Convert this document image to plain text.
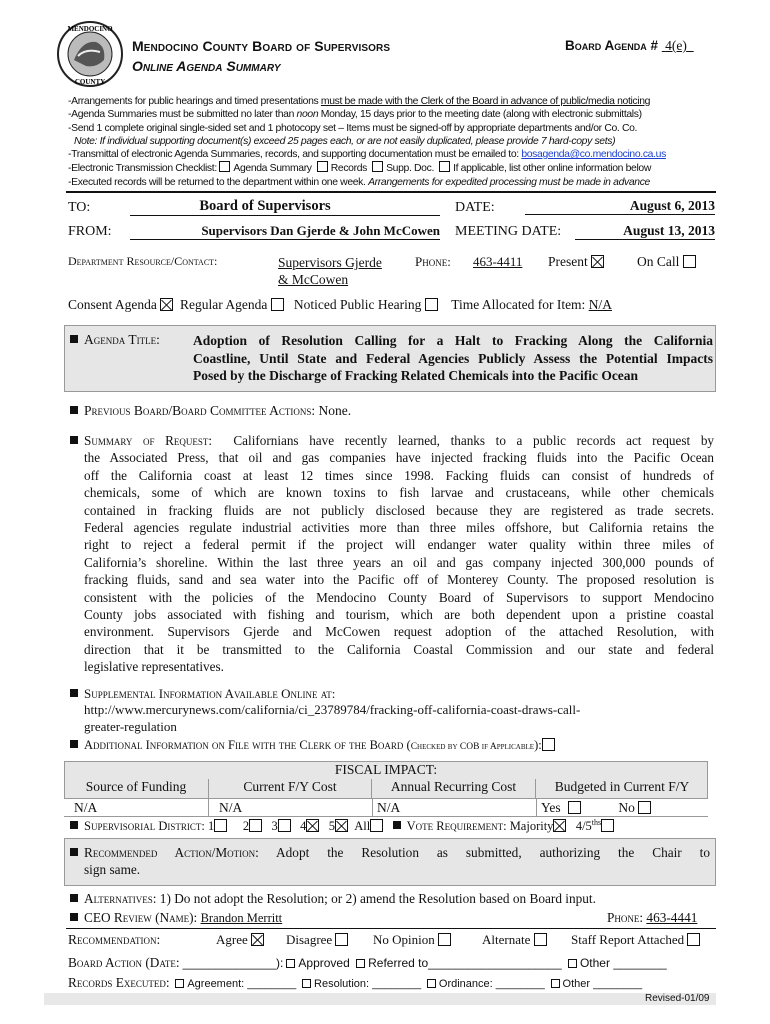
MENDOCINO
COUNTY
Mendocino County Board of Supervisors
Online Agenda Summary
Board Agenda # 4(e)
-Arrangements for public hearings and timed presentations must be made with the Clerk of the Board in advance of public/media noticing
-Agenda Summaries must be submitted no later than noon Monday, 15 days prior to the meeting date (along with electronic submittals)
-Send 1 complete original single-sided set and 1 photocopy set – Items must be signed-off by appropriate departments and/or Co. Co.
Note: If individual supporting document(s) exceed 25 pages each, or are not easily duplicated, please provide 7 hard-copy sets)
-Transmittal of electronic Agenda Summaries, records, and supporting documentation must be emailed to: bosagenda@co.mendocino.ca.us
-Electronic Transmission Checklist: Agenda Summary Records Supp. Doc. If applicable, list other online information below
-Executed records will be returned to the department within one week. Arrangements for expedited processing must be made in advance
TO:	Board of Supervisors	DATE:	August 6, 2013
FROM:	Supervisors Dan Gjerde & John McCowen MEETING DATE:	August 13, 2013
Department Resource/Contact:	Supervisors Gjerde
& McCowen
Phone: 463-4411 Present	On Call
Consent Agenda Regular Agenda Noticed Public Hearing Time Allocated for Item: N/A
Agenda Title: Adoption of Resolution Calling for a Halt to Fracking Along the California
Coastline, Until State and Federal Agencies Publicly Assess the Potential Impacts
Posed by the Discharge of Fracking Related Chemicals into the Pacific Ocean
Previous Board/Board Committee Actions: None.
Summary of Request: Californians have recently learned, thanks to a public records act request by
the Associated Press, that oil and gas companies have injected fracking fluids into the Pacific Ocean
off the California coast at least 12 times since 1998. Facking fluids can consist of hundreds of
chemicals, some of which are known toxins to fish larvae and crustaceans, while other chemicals
contained in fracking fluids are not publicly disclosed because they are registered as trade secrets.
Federal agencies regulate industrial activities more than three miles offshore, but California retains the
right to reject a federal permit if the project will endanger water quality within three miles of
California’s shoreline. Within the last three years an oil and gas company injected 300,000 pounds of
fracking fluids, sand and sea water into the Pacific off of Monterey County. The proposed resolution is
consistent with the policies of the Mendocino County Board of Supervisors to support Mendocino
County jobs associated with fishing and tourism, which are both dependent upon a pristine coastal
environment. Supervisors Gjerde and McCowen request adoption of the attached Resolution, with
direction that it be transmitted to the California Coastal Commission and our state and federal
legislative representatives.
Supplemental Information Available Online at:
http://www.mercurynews.com/california/ci_23789784/fracking-off-california-coast-draws-call-
greater-regulation
Additional Information on File with the Clerk of the Board (Checked by COB if Applicable):
FISCAL IMPACT:
Source of Funding	Current F/Y Cost	Annual Recurring Cost	Budgeted in Current F/Y
N/A	N/A	N/A	Yes	No
Supervisorial District: 1 2 3 4 5 All	Vote Requirement: Majority $4/5^{ths}$
Recommended Action/Motion: Adopt the Resolution as submitted, authorizing the Chair to
sign same.
Alternatives: 1) Do not adopt the Resolution; or 2) amend the Resolution based on Board input.
CEO Review (Name): Brandon Merritt	Phone: 463-4441
Recommendation:	Agree	Disagree	No Opinion	Alternate	Staff Report Attached
Board Action (Date: ______________): Approved Referred to____________________ Other ________
Records Executed: Agreement: ________ Resolution: ________ Ordinance: ________ Other ________
Revised-01/09
